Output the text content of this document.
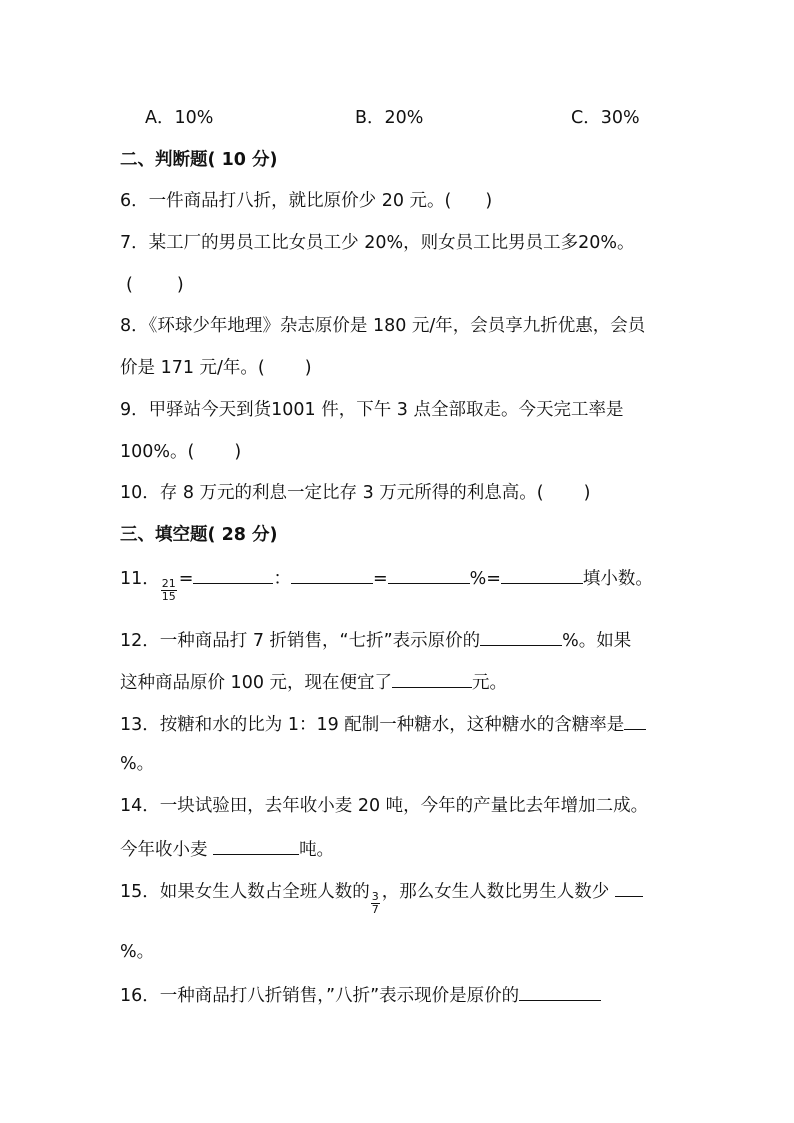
A．10%	B．20%	C．30%
二、判断题( 10 分)
6．一件商品打八折，就比原价少 20 元。( )
7．某工厂的男员工比女员工少 20%，则女员工比男员工多20%。
(	)
8．《环球少年地理》杂志原价是 180 元/年，会员享九折优惠，会员
价是 171 元/年。( )
9．甲驿站今天到货1001 件，下午 3 点全部取走。今天完工率是
100%。( )
10．存 8 万元的利息一定比存 3 万元所得的利息高。( )
三、填空题( 28 分)
11． $\frac{21}{15}$ =	：	=	%=	填小数。
12．一种商品打 7 折销售，“七折”表示原价的	%。如果
这种商品原价 100 元，现在便宜了	元。
13．按糖和水的比为 1：19 配制一种糖水，这种糖水的含糖率是
%。
14．一块试验田，去年收小麦 20 吨，今年的产量比去年增加二成。
今年收小麦	吨。
15．如果女生人数占全班人数的 $\frac{3}{7}$ ，那么女生人数比男生人数少
%。
16．一种商品打八折销售，”八折”表示现价是原价的
